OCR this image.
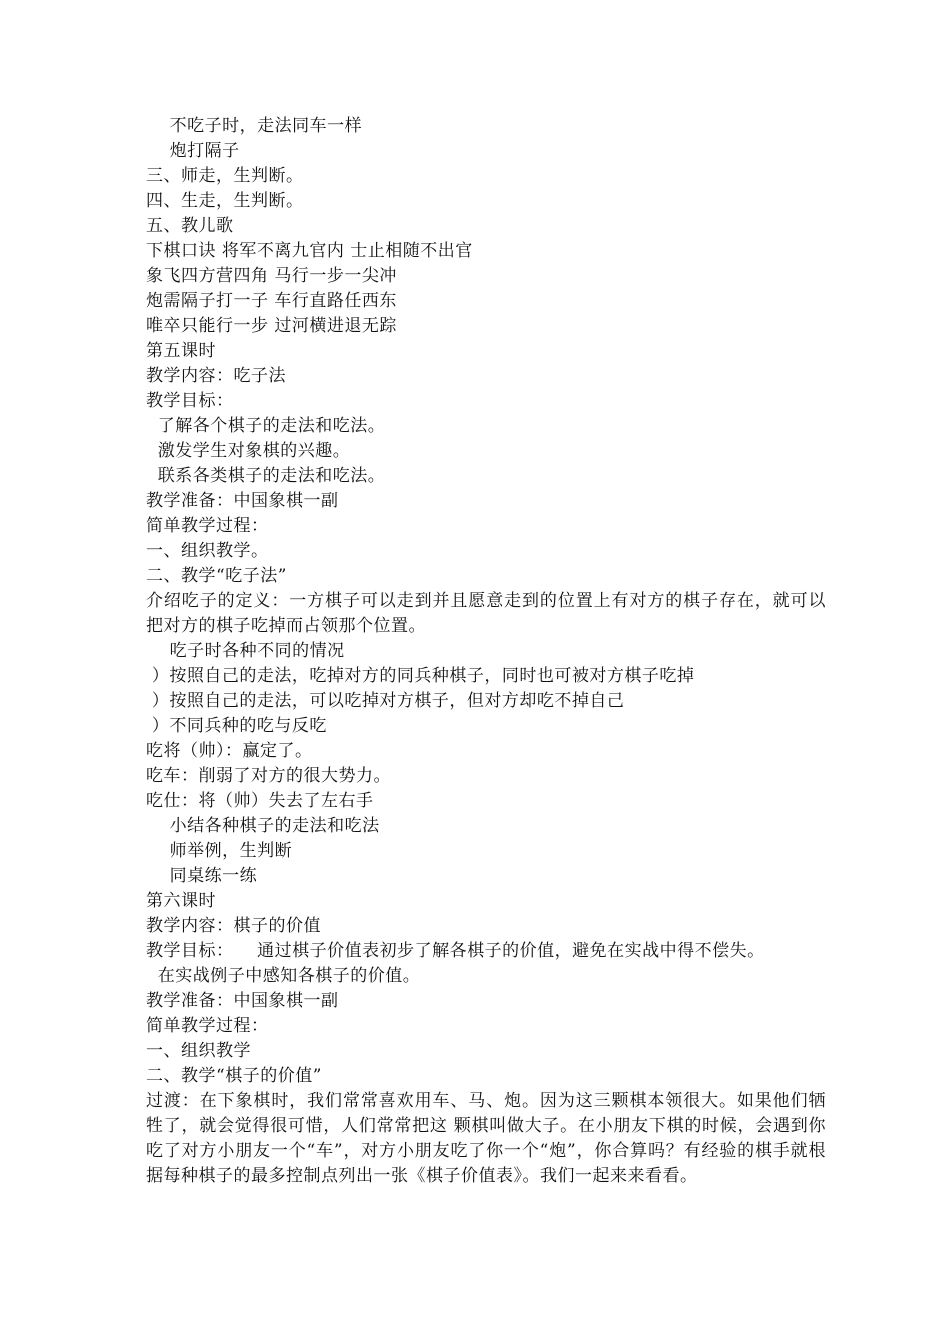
不吃子时，走法同车一样
炮打隔子
三、师走，生判断。
四、生走，生判断。
五、教儿歌
下棋口诀 将军不离九官内 士止相随不出官
象飞四方营四角 马行一步一尖冲
炮需隔子打一子 车行直路任西东
唯卒只能行一步 过河横进退无踪
第五课时
教学内容：吃子法
教学目标：
了解各个棋子的走法和吃法。
激发学生对象棋的兴趣。
联系各类棋子的走法和吃法。
教学准备：中国象棋一副
简单教学过程：
一、组织教学。
二、教学“吃子法”
介绍吃子的定义：一方棋子可以走到并且愿意走到的位置上有对方的棋子存在，就可以把对方的棋子吃掉而占领那个位置。
吃子时各种不同的情况
）按照自己的走法，吃掉对方的同兵种棋子，同时也可被对方棋子吃掉
）按照自己的走法，可以吃掉对方棋子，但对方却吃不掉自己
）不同兵种的吃与反吃
吃将（帅）：赢定了。
吃车：削弱了对方的很大势力。
吃仕：将（帅）失去了左右手
小结各种棋子的走法和吃法
师举例，生判断
同桌练一练
第六课时
教学内容：棋子的价值
教学目标：    通过棋子价值表初步了解各棋子的价值，避免在实战中得不偿失。
在实战例子中感知各棋子的价值。
教学准备：中国象棋一副
简单教学过程：
一、组织教学
二、教学“棋子的价值”
过渡：在下象棋时，我们常常喜欢用车、马、炮。因为这三颗棋本领很大。如果他们牺牲了，就会觉得很可惜，人们常常把这 颗棋叫做大子。在小朋友下棋的时候，会遇到你吃了对方小朋友一个“车”，对方小朋友吃了你一个“炮”，你合算吗？有经验的棋手就根据每种棋子的最多控制点列出一张《棋子价值表》。我们一起来来看看。
